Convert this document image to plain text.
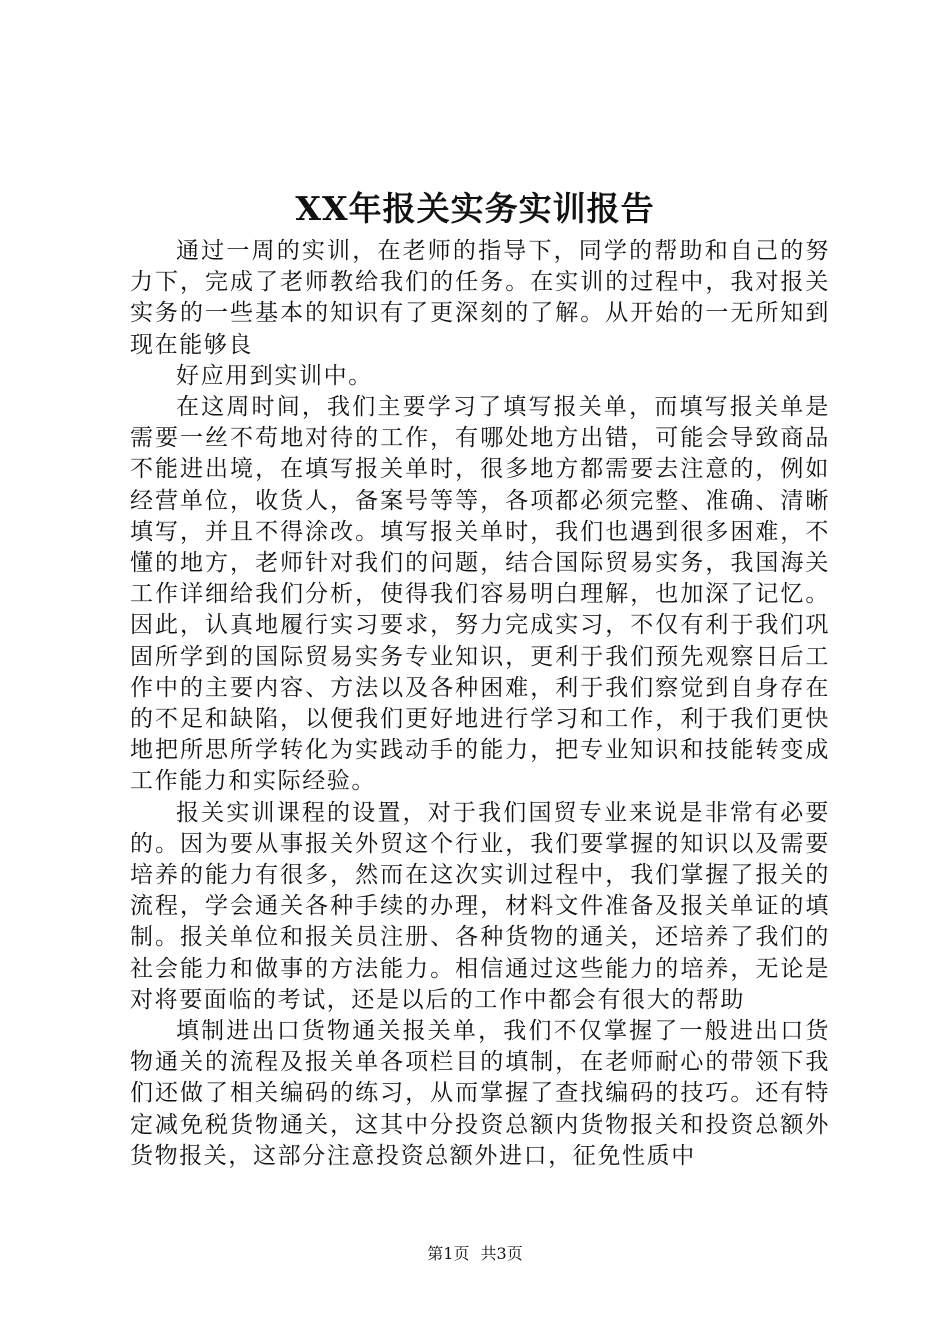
XX年报关实务实训报告

通过一周的实训，在老师的指导下，同学的帮助和自己的努力下，完成了老师教给我们的任务。在实训的过程中，我对报关实务的一些基本的知识有了更深刻的了解。从开始的一无所知到现在能够良

好应用到实训中。

在这周时间，我们主要学习了填写报关单，而填写报关单是需要一丝不苟地对待的工作，有哪处地方出错，可能会导致商品不能进出境，在填写报关单时，很多地方都需要去注意的，例如经营单位，收货人，备案号等等，各项都必须完整、准确、清晰填写，并且不得涂改。填写报关单时，我们也遇到很多困难，不懂的地方，老师针对我们的问题，结合国际贸易实务，我国海关工作详细给我们分析，使得我们容易明白理解，也加深了记忆。因此，认真地履行实习要求，努力完成实习，不仅有利于我们巩固所学到的国际贸易实务专业知识，更利于我们预先观察日后工作中的主要内容、方法以及各种困难，利于我们察觉到自身存在的不足和缺陷，以便我们更好地进行学习和工作，利于我们更快地把所思所学转化为实践动手的能力，把专业知识和技能转变成工作能力和实际经验。

报关实训课程的设置，对于我们国贸专业来说是非常有必要的。因为要从事报关外贸这个行业，我们要掌握的知识以及需要培养的能力有很多，然而在这次实训过程中，我们掌握了报关的流程，学会通关各种手续的办理，材料文件准备及报关单证的填制。报关单位和报关员注册、各种货物的通关，还培养了我们的社会能力和做事的方法能力。相信通过这些能力的培养，无论是对将要面临的考试，还是以后的工作中都会有很大的帮助

填制进出口货物通关报关单，我们不仅掌握了一般进出口货物通关的流程及报关单各项栏目的填制，在老师耐心的带领下我们还做了相关编码的练习，从而掌握了查找编码的技巧。还有特定减免税货物通关，这其中分投资总额内货物报关和投资总额外货物报关，这部分注意投资总额外进口，征免性质中

第1页 共3页
